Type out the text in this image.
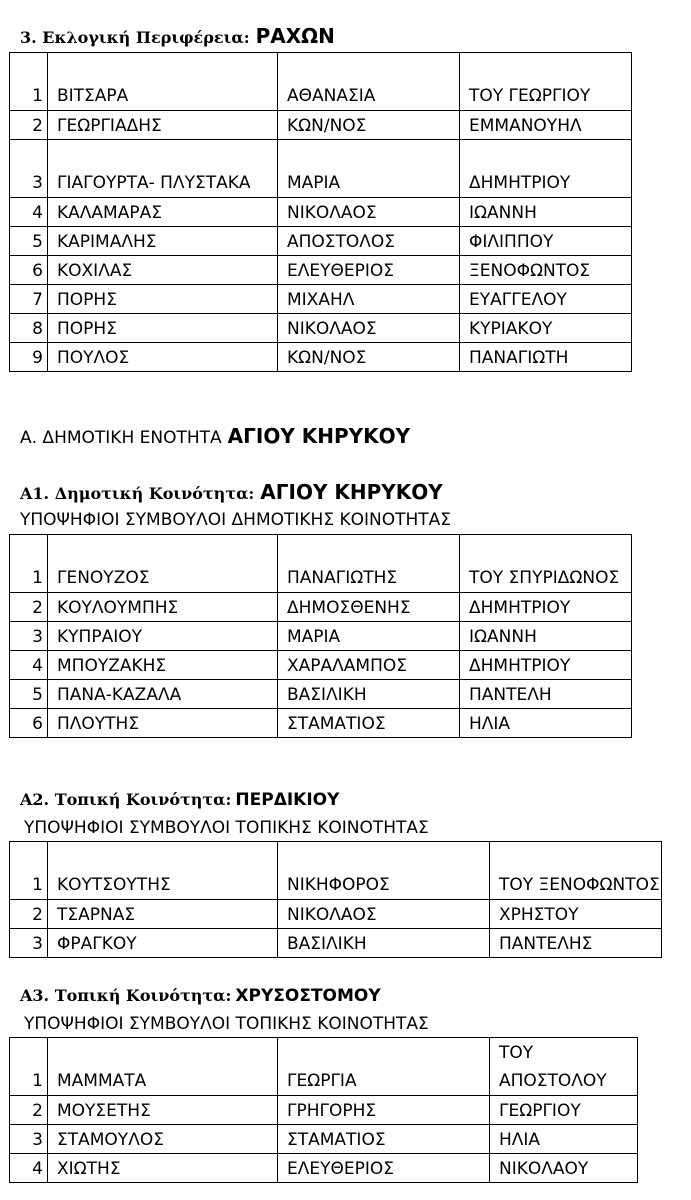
3. Εκλογική Περιφέρεια: ΡΑΧΩΝ
1	ΒΙΤΣΑΡΑ	ΑΘΑΝΑΣΙΑ	ΤΟΥ ΓΕΩΡΓΙΟΥ
2	ΓΕΩΡΓΙΑΔΗΣ	ΚΩΝ/ΝΟΣ	ΕΜΜΑΝΟΥΗΛ
3	ΓΙΑΓΟΥΡΤΑ- ΠΛΥΣΤΑΚΑ	ΜΑΡΙΑ	ΔΗΜΗΤΡΙΟΥ
4	ΚΑΛΑΜΑΡΑΣ	ΝΙΚΟΛΑΟΣ	ΙΩΑΝΝΗ
5	ΚΑΡΙΜΑΛΗΣ	ΑΠΟΣΤΟΛΟΣ	ΦΙΛΙΠΠΟΥ
6	ΚΟΧΙΛΑΣ	ΕΛΕΥΘΕΡΙΟΣ	ΞΕΝΟΦΩΝΤΟΣ
7	ΠΟΡΗΣ	ΜΙΧΑΗΛ	ΕΥΑΓΓΕΛΟΥ
8	ΠΟΡΗΣ	ΝΙΚΟΛΑΟΣ	ΚΥΡΙΑΚΟΥ
9	ΠΟΥΛΟΣ	ΚΩΝ/ΝΟΣ	ΠΑΝΑΓΙΩΤΗ
Α. ΔΗΜΟΤΙΚΗ ΕΝΟΤΗΤΑ ΑΓΙΟΥ ΚΗΡΥΚΟΥ
Α1. Δημοτική Κοινότητα: ΑΓΙΟΥ ΚΗΡΥΚΟΥ
ΥΠΟΨΗΦΙΟΙ ΣΥΜΒΟΥΛΟΙ ΔΗΜΟΤΙΚΗΣ ΚΟΙΝΟΤΗΤΑΣ
1	ΓΕΝΟΥΖΟΣ	ΠΑΝΑΓΙΩΤΗΣ	ΤΟΥ ΣΠΥΡΙΔΩΝΟΣ
2	ΚΟΥΛΟΥΜΠΗΣ	ΔΗΜΟΣΘΕΝΗΣ	ΔΗΜΗΤΡΙΟΥ
3	ΚΥΠΡΑΙΟΥ	ΜΑΡΙΑ	ΙΩΑΝΝΗ
4	ΜΠΟΥΖΑΚΗΣ	ΧΑΡΑΛΑΜΠΟΣ	ΔΗΜΗΤΡΙΟΥ
5	ΠΑΝΑ-ΚΑΖΑΛΑ	ΒΑΣΙΛΙΚΗ	ΠΑΝΤΕΛΗ
6	ΠΛΟΥΤΗΣ	ΣΤΑΜΑΤΙΟΣ	ΗΛΙΑ
Α2. Τοπική Κοινότητα: ΠΕΡΔΙΚΙΟΥ
ΥΠΟΨΗΦΙΟΙ ΣΥΜΒΟΥΛΟΙ ΤΟΠΙΚΗΣ ΚΟΙΝΟΤΗΤΑΣ
1	ΚΟΥΤΣΟΥΤΗΣ	ΝΙΚΗΦΟΡΟΣ	ΤΟΥ ΞΕΝΟΦΩΝΤΟΣ
2	ΤΣΑΡΝΑΣ	ΝΙΚΟΛΑΟΣ	ΧΡΗΣΤΟΥ
3	ΦΡΑΓΚΟΥ	ΒΑΣΙΛΙΚΗ	ΠΑΝΤΕΛΗΣ
Α3. Τοπική Κοινότητα: ΧΡΥΣΟΣΤΟΜΟΥ
ΥΠΟΨΗΦΙΟΙ ΣΥΜΒΟΥΛΟΙ ΤΟΠΙΚΗΣ ΚΟΙΝΟΤΗΤΑΣ
1	ΜΑΜΜΑΤΑ	ΓΕΩΡΓΙΑ	ΤΟΥ ΑΠΟΣΤΟΛΟΥ
2	ΜΟΥΣΕΤΗΣ	ΓΡΗΓΟΡΗΣ	ΓΕΩΡΓΙΟΥ
3	ΣΤΑΜΟΥΛΟΣ	ΣΤΑΜΑΤΙΟΣ	ΗΛΙΑ
4	ΧΙΩΤΗΣ	ΕΛΕΥΘΕΡΙΟΣ	ΝΙΚΟΛΑΟΥ
